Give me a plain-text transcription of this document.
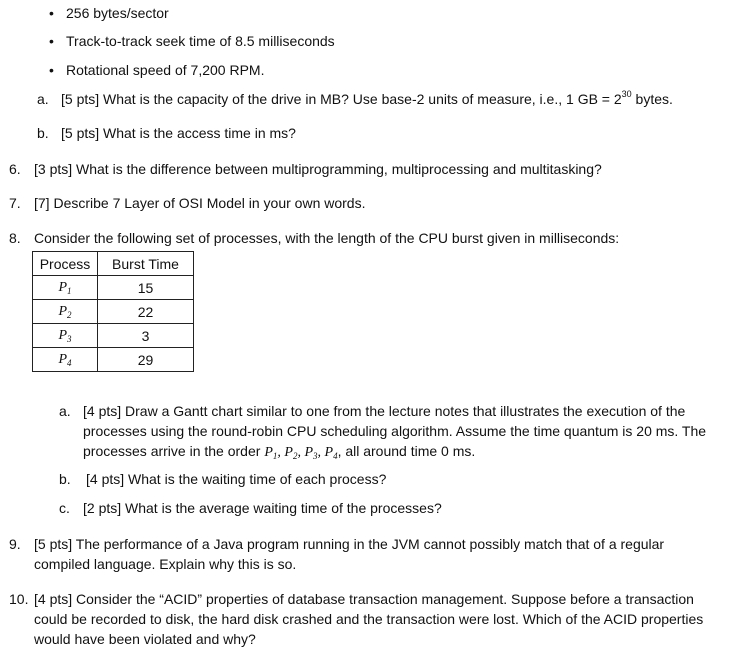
• 256 bytes/sector
• Track-to-track seek time of 8.5 milliseconds
• Rotational speed of 7,200 RPM.
a. [5 pts] What is the capacity of the drive in MB? Use base-2 units of measure, i.e., 1 GB = $2^{30}$ bytes.
b. [5 pts] What is the access time in ms?
6. [3 pts] What is the difference between multiprogramming, multiprocessing and multitasking?
7. [7] Describe 7 Layer of OSI Model in your own words.
8. Consider the following set of processes, with the length of the CPU burst given in milliseconds:
Process	Burst Time
$P_1$	15
$P_2$	22
$P_3$	3
$P_4$	29
a. [4 pts] Draw a Gantt chart similar to one from the lecture notes that illustrates the execution of the
processes using the round-robin CPU scheduling algorithm. Assume the time quantum is 20 ms. The
processes arrive in the order $P_1$, $P_2$, $P_3$, $P_4$, all around time 0 ms.
b. [4 pts] What is the waiting time of each process?
c. [2 pts] What is the average waiting time of the processes?
9. [5 pts] The performance of a Java program running in the JVM cannot possibly match that of a regular
compiled language. Explain why this is so.
10. [4 pts] Consider the “ACID” properties of database transaction management. Suppose before a transaction
could be recorded to disk, the hard disk crashed and the transaction were lost. Which of the ACID properties
would have been violated and why?
